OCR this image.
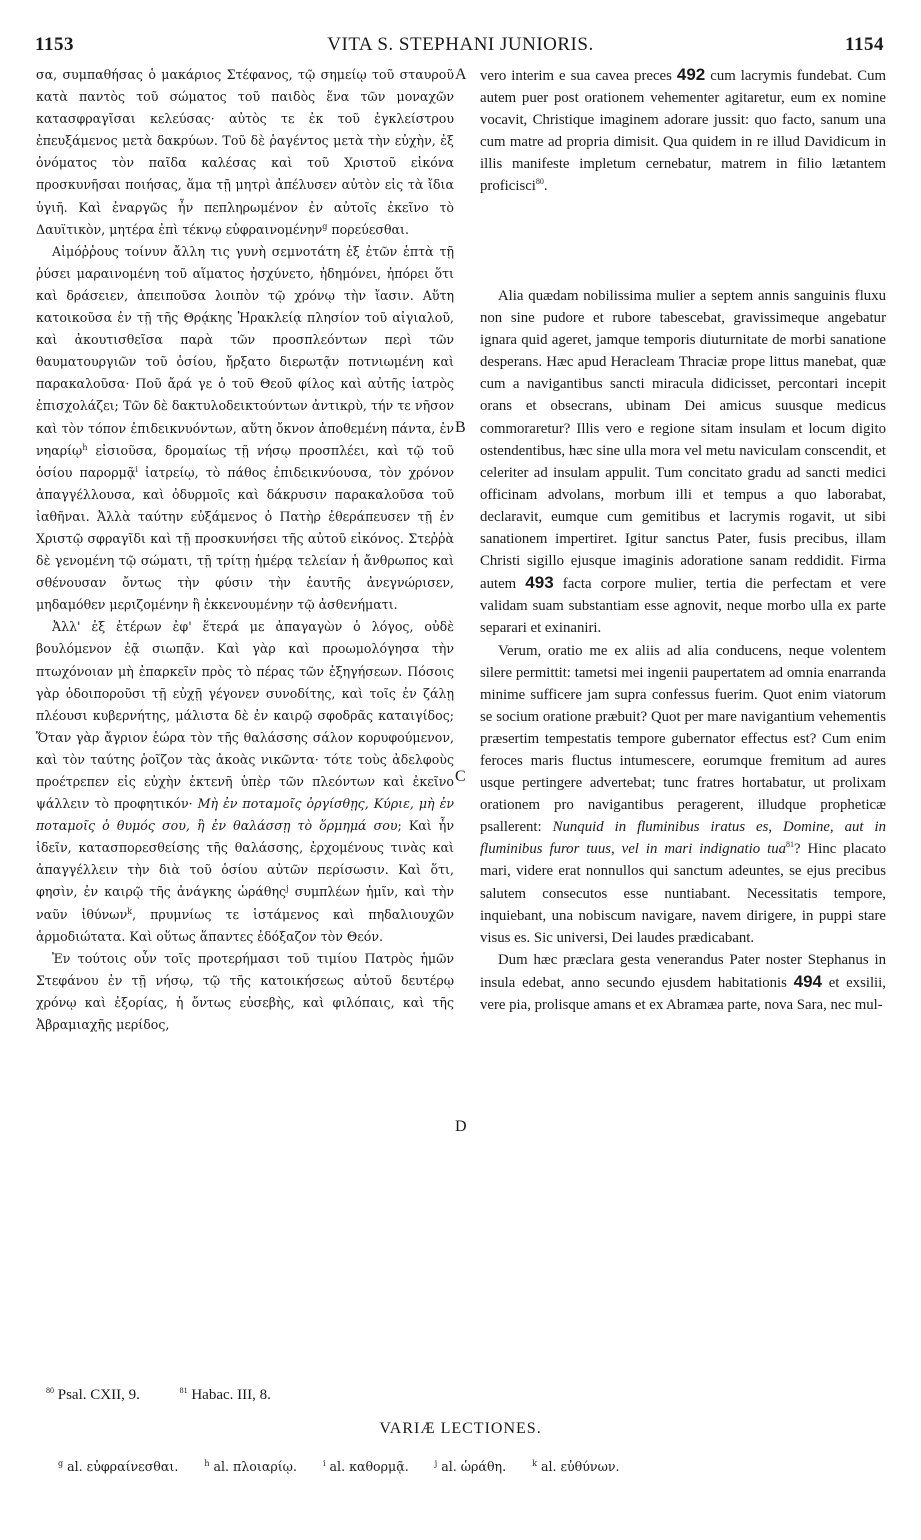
1153	VITA S. STEPHANI JUNIORIS.	1154
A
B
C
D

σα, συμπαθήσας ὁ μακάριος Στέφανος, τῷ σημείῳ τοῦ σταυροῦ κατὰ παντὸς τοῦ σώματος τοῦ παιδὸς ἕνα τῶν μοναχῶν κατασφραγῖσαι κελεύσας· αὐτὸς τε ἐκ τοῦ ἐγκλείστρου ἐπευξάμενος μετὰ δακρύων. Τοῦ δὲ ῥαγέντος μετὰ τὴν εὐχὴν, ἐξ ὀνόματος τὸν παῖδα καλέσας καὶ τοῦ Χριστοῦ εἰκόνα προσκυνῆσαι ποιήσας, ἅμα τῇ μητρὶ ἀπέλυσεν αὐτὸν εἰς τὰ ἴδια ὑγιῆ. Καὶ ἐναργῶς ἦν πεπληρωμένον ἐν αὐτοῖς ἐκεῖνο τὸ Δαυϊτικὸν, μητέρα ἐπὶ τέκνῳ εὐφραινομένην$^g$ πορεύεσθαι.

Αἱμόῤῥους τοίνυν ἄλλη τις γυνὴ σεμνοτάτη ἐξ ἐτῶν ἑπτὰ τῇ ῥύσει μαραινομένη τοῦ αἵματος ἠσχύνετο, ἠδημόνει, ἠπόρει ὅτι καὶ δράσειεν, ἀπειποῦσα λοιπὸν τῷ χρόνῳ τὴν ἴασιν. Αὕτη κατοικοῦσα ἐν τῇ τῆς Θρᾴκης Ἡρακλείᾳ πλησίον τοῦ αἰγιαλοῦ, καὶ ἀκουτισθεῖσα παρὰ τῶν προσπλεόντων περὶ τῶν θαυματουργιῶν τοῦ ὁσίου, ἤρξατο διερωτᾷν ποτνιωμένη καὶ παρακαλοῦσα· Ποῦ ἄρά γε ὁ τοῦ Θεοῦ φίλος καὶ αὐτῆς ἰατρὸς ἐπισχολάζει; Τῶν δὲ δακτυλοδεικτούντων ἀντικρὺ, τήν τε νῆσον καὶ τὸν τόπον ἐπιδεικνυόντων, αὕτη ὄκνον ἀποθεμένη πάντα, ἐν νηαρίῳ$^h$ εἰσιοῦσα, δρομαίως τῇ νήσῳ προσπλέει, καὶ τῷ τοῦ ὁσίου παρορμᾷ$^i$ ἰατρείῳ, τὸ πάθος ἐπιδεικνύουσα, τὸν χρόνον ἀπαγγέλλουσα, καὶ ὀδυρμοῖς καὶ δάκρυσιν παρακαλοῦσα τοῦ ἰαθῆναι. Ἀλλὰ ταύτην εὐξάμενος ὁ Πατὴρ ἐθεράπευσεν τῇ ἐν Χριστῷ σφραγῖδι καὶ τῇ προσκυνήσει τῆς αὐτοῦ εἰκόνος. Στεῤῥὰ δὲ γενομένη τῷ σώματι, τῇ τρίτῃ ἡμέρᾳ τελείαν ἡ ἄνθρωπος καὶ σθένουσαν ὄντως τὴν φύσιν τὴν ἑαυτῆς ἀνεγνώρισεν, μηδαμόθεν μεριζομένην ἢ ἐκκενουμένην τῷ ἀσθενήματι.

Ἀλλ' ἐξ ἑτέρων ἐφ' ἕτερά με ἀπαγαγὼν ὁ λόγος, οὐδὲ βουλόμενον ἐᾷ σιωπᾷν. Καὶ γὰρ καὶ προωμολόγησα τὴν πτωχόνοιαν μὴ ἐπαρκεῖν πρὸς τὸ πέρας τῶν ἐξηγήσεων. Πόσοις γὰρ ὁδοιποροῦσι τῇ εὐχῇ γέγονεν συνοδίτης, καὶ τοῖς ἐν ζάλῃ πλέουσι κυβερνήτης, μάλιστα δὲ ἐν καιρῷ σφοδρᾶς καταιγίδος; Ὅταν γὰρ ἄγριον ἑώρα τὸν τῆς θαλάσσης σάλον κορυφούμενον, καὶ τὸν ταύτης ῥοῖζον τὰς ἀκοὰς νικῶντα· τότε τοὺς ἀδελφοὺς προέτρεπεν εἰς εὐχὴν ἐκτενῆ ὑπὲρ τῶν πλεόντων καὶ ἐκεῖνο ψάλλειν τὸ προφητικόν· Μὴ ἐν ποταμοῖς ὀργίσθῃς, Κύριε, μὴ ἐν ποταμοῖς ὁ θυμός σου, ἢ ἐν θαλάσσῃ τὸ ὅρμημά σου; Καὶ ἦν ἰδεῖν, κατασπορεσθείσης τῆς θαλάσσης, ἐρχομένους τινὰς καὶ ἀπαγγέλλειν τὴν διὰ τοῦ ὁσίου αὐτῶν περίσωσιν. Καὶ ὅτι, φησὶν, ἐν καιρῷ τῆς ἀνάγκης ὡράθης$^j$ συμπλέων ἡμῖν, καὶ τὴν ναῦν ἰθύνων$^k$, πρυμνίως τε ἱστάμενος καὶ πηδαλιουχῶν ἁρμοδιώτατα. Καὶ οὕτως ἅπαντες ἐδόξαζον τὸν Θεόν.

Ἐν τούτοις οὖν τοῖς προτερήμασι τοῦ τιμίου Πατρὸς ἡμῶν Στεφάνου ἐν τῇ νήσῳ, τῷ τῆς κατοικήσεως αὐτοῦ δευτέρῳ χρόνῳ καὶ ἐξορίας, ἡ ὄντως εὐσεβὴς, καὶ φιλόπαις, καὶ τῆς Ἀβραμιαχῆς μερίδος,

vero interim e sua cavea preces 492 cum lacrymis fundebat. Cum autem puer post orationem vehementer agitaretur, eum ex nomine vocavit, Christique imaginem adorare jussit: quo facto, sanum una cum matre ad propria dimisit. Qua quidem in re illud Davidicum in illis manifeste impletum cernebatur, matrem in filio lætantem proficisci$^{80}$.

Alia quædam nobilissima mulier a septem annis sanguinis fluxu non sine pudore et rubore tabescebat, gravissimeque angebatur ignara quid ageret, jamque temporis diuturnitate de morbi sanatione desperans. Hæc apud Heracleam Thraciæ prope littus manebat, quæ cum a navigantibus sancti miracula didicisset, percontari incepit orans et obsecrans, ubinam Dei amicus suusque medicus commoraretur? Illis vero e regione sitam insulam et locum digito ostendentibus, hæc sine ulla mora vel metu naviculam conscendit, et celeriter ad insulam appulit. Tum concitato gradu ad sancti medici officinam advolans, morbum illi et tempus a quo laborabat, declaravit, eumque cum gemitibus et lacrymis rogavit, ut sibi sanationem impertiret. Igitur sanctus Pater, fusis precibus, illam Christi sigillo ejusque imaginis adoratione sanam reddidit. Firma autem 493 facta corpore mulier, tertia die perfectam et vere validam suam substantiam esse agnovit, neque morbo ulla ex parte separari et exinaniri.

Verum, oratio me ex aliis ad alia conducens, neque volentem silere permittit: tametsi mei ingenii paupertatem ad omnia enarranda minime sufficere jam supra confessus fuerim. Quot enim viatorum se socium oratione præbuit? Quot per mare navigantium vehementis præsertim tempestatis tempore gubernator effectus est? Cum enim feroces maris fluctus intumescere, eorumque fremitum ad aures usque pertingere advertebat; tunc fratres hortabatur, ut prolixam orationem pro navigantibus peragerent, illudque propheticæ psallerent: Nunquid in fluminibus iratus es, Domine, aut in fluminibus furor tuus, vel in mari indignatio tua$^{81}$? Hinc placato mari, videre erat nonnullos qui sanctum adeuntes, se ejus precibus salutem consecutos esse nuntiabant. Necessitatis tempore, inquiebant, una nobiscum navigare, navem dirigere, in puppi stare visus es. Sic universi, Dei laudes prædicabant.

Dum hæc præclara gesta venerandus Pater noster Stephanus in insula edebat, anno secundo ejusdem habitationis 494 et exsilii, vere pia, prolisque amans et ex Abramæa parte, nova Sara, nec mul-

$^{80}$ Psal. CXII, 9.	$^{81}$ Habac. III, 8.
VARIÆ LECTIONES.
$^g$ al. εὐφραίνεσθαι.	$^h$ al. πλοιαρίῳ.	$^i$ al. καθορμᾷ.	$^j$ al. ὡράθη.	$^k$ al. εὐθύνων.
